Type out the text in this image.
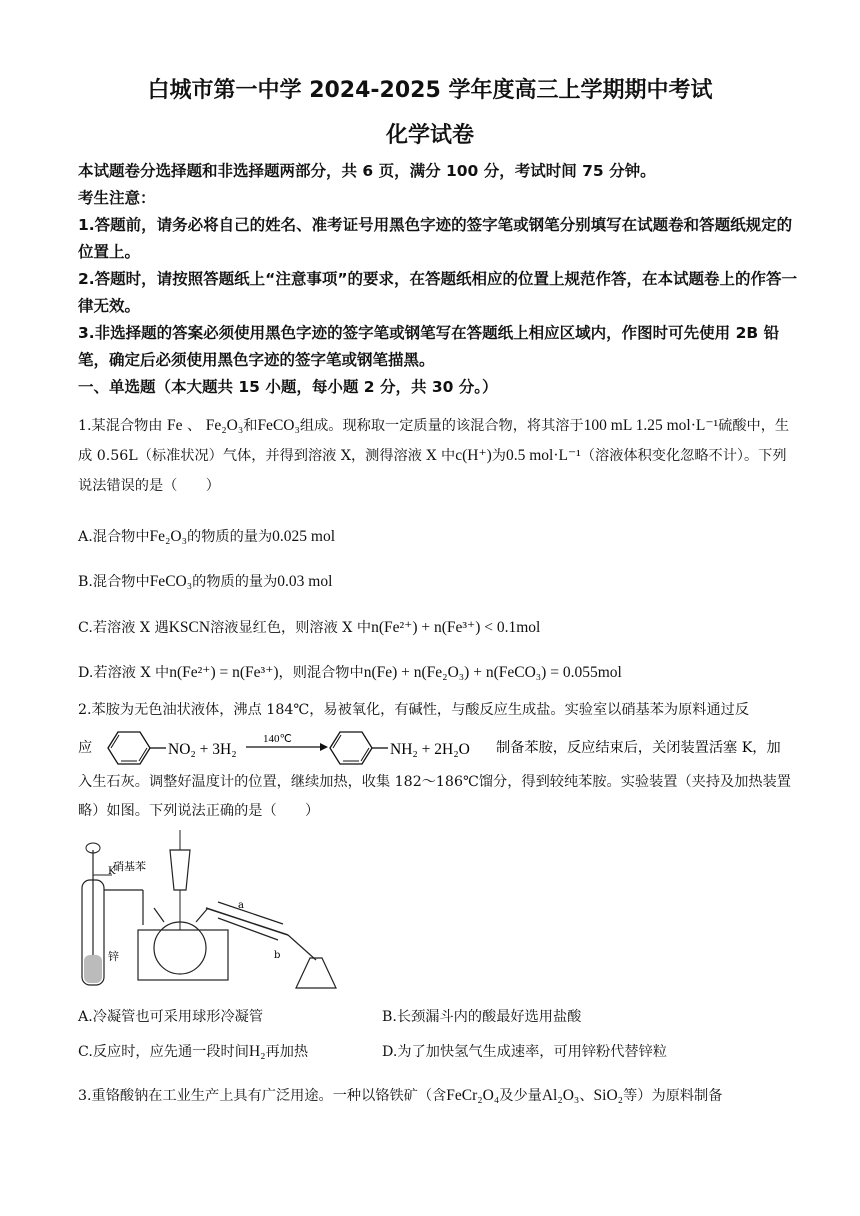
白城市第一中学 2024-2025 学年度高三上学期期中考试
化学试卷
本试题卷分选择题和非选择题两部分，共 6 页，满分 100 分，考试时间 75 分钟。
考生注意：
1.答题前，请务必将自己的姓名、准考证号用黑色字迹的签字笔或钢笔分别填写在试题卷和答题纸规定的位置上。
2.答题时，请按照答题纸上“注意事项”的要求，在答题纸相应的位置上规范作答，在本试题卷上的作答一律无效。
3.非选择题的答案必须使用黑色字迹的签字笔或钢笔写在答题纸上相应区域内，作图时可先使用 2B 铅笔，确定后必须使用黑色字迹的签字笔或钢笔描黑。
一、单选题（本大题共 15 小题，每小题 2 分，共 30 分。）
1.某混合物由 Fe 、 Fe₂O₃和FeCO₃组成。现称取一定质量的该混合物，将其溶于100 mL 1.25 mol·L⁻¹硫酸中，生成 0.56L（标准状况）气体，并得到溶液 X，测得溶液 X 中c(H⁺)为0.5 mol·L⁻¹（溶液体积变化忽略不计）。下列说法错误的是（　　）
A.混合物中Fe₂O₃的物质的量为0.025 mol
B.混合物中FeCO₃的物质的量为0.03 mol
C.若溶液 X 遇KSCN溶液显红色，则溶液 X 中n(Fe²⁺) + n(Fe³⁺) < 0.1mol
D.若溶液 X 中n(Fe²⁺) = n(Fe³⁺)，则混合物中n(Fe) + n(Fe₂O₃) + n(FeCO₃) = 0.055mol
2.苯胺为无色油状液体，沸点 184℃，易被氧化，有碱性，与酸反应生成盐。实验室以硝基苯为原料通过反
应	NO₂ + 3H₂
140℃
NH₂ + 2H₂O 制备苯胺，反应结束后，关闭装置活塞 K，加
入生石灰。调整好温度计的位置，继续加热，收集 182～186℃馏分，得到较纯苯胺。实验装置（夹持及加热装置略）如图。下列说法正确的是（　　）
K
锌
硝基苯
a
b
A.冷凝管也可采用球形冷凝管	B.长颈漏斗内的酸最好选用盐酸
C.反应时，应先通一段时间H₂再加热	D.为了加快氢气生成速率，可用锌粉代替锌粒
3.重铬酸钠在工业生产上具有广泛用途。一种以铬铁矿（含FeCr₂O₄及少量Al₂O₃、SiO₂等）为原料制备
